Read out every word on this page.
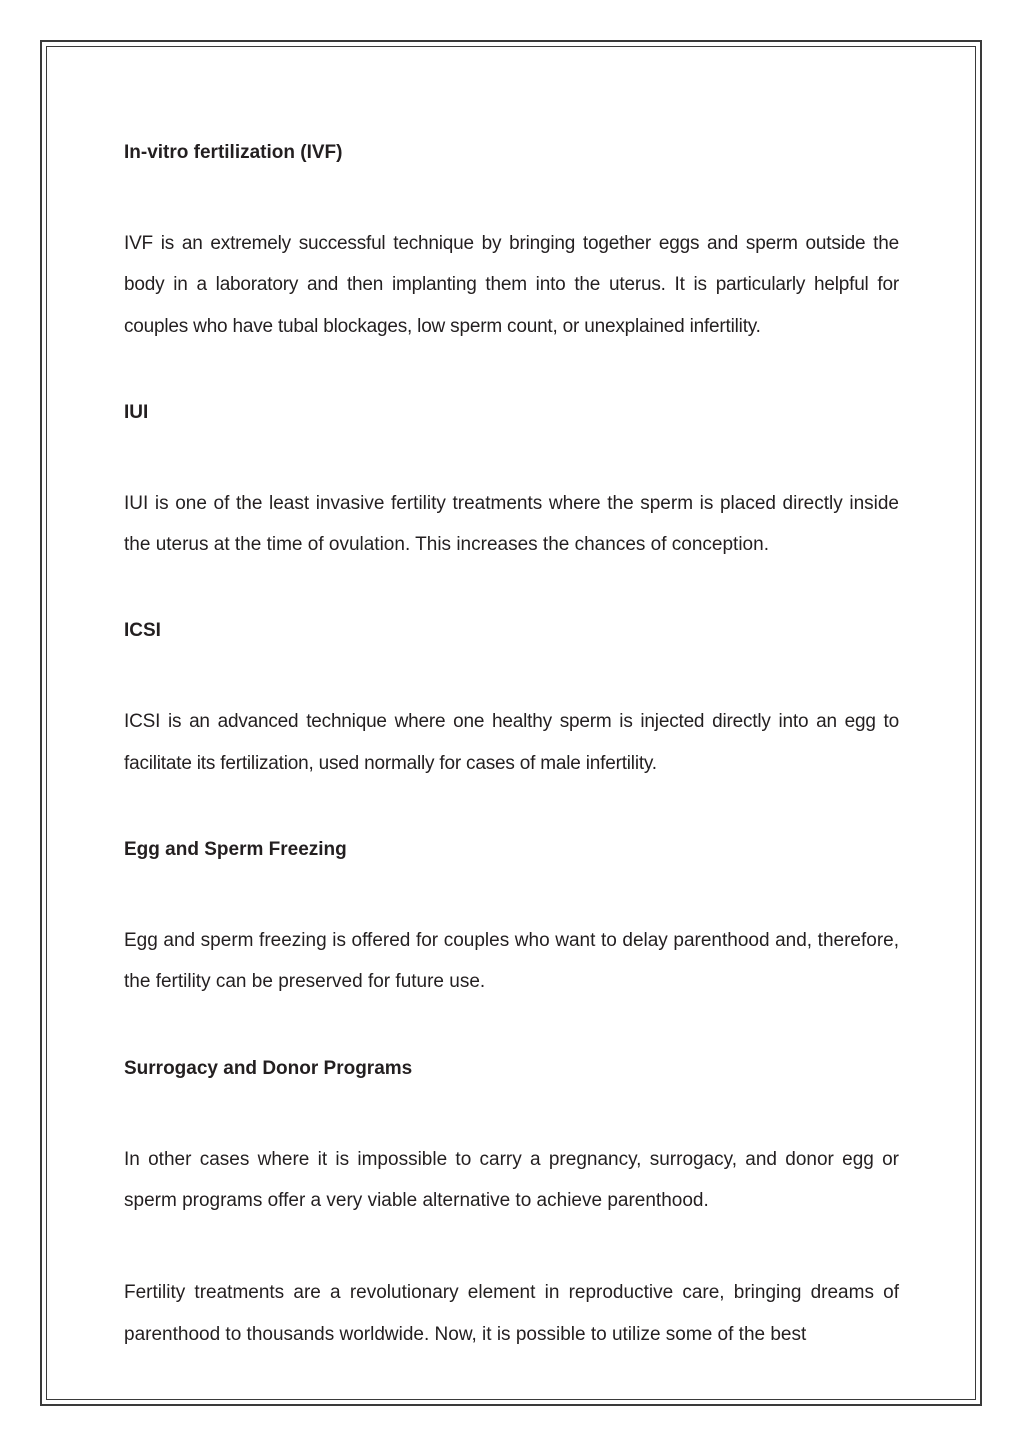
In-vitro fertilization (IVF)
IVF is an extremely successful technique by bringing together eggs and sperm outside the body in a laboratory and then implanting them into the uterus. It is particularly helpful for couples who have tubal blockages, low sperm count, or unexplained infertility.
IUI
IUI is one of the least invasive fertility treatments where the sperm is placed directly inside the uterus at the time of ovulation. This increases the chances of conception.
ICSI
ICSI is an advanced technique where one healthy sperm is injected directly into an egg to facilitate its fertilization, used normally for cases of male infertility.
Egg and Sperm Freezing
Egg and sperm freezing is offered for couples who want to delay parenthood and, therefore, the fertility can be preserved for future use.
Surrogacy and Donor Programs
In other cases where it is impossible to carry a pregnancy, surrogacy, and donor egg or sperm programs offer a very viable alternative to achieve parenthood.
Fertility treatments are a revolutionary element in reproductive care, bringing dreams of parenthood to thousands worldwide. Now, it is possible to utilize some of the best
